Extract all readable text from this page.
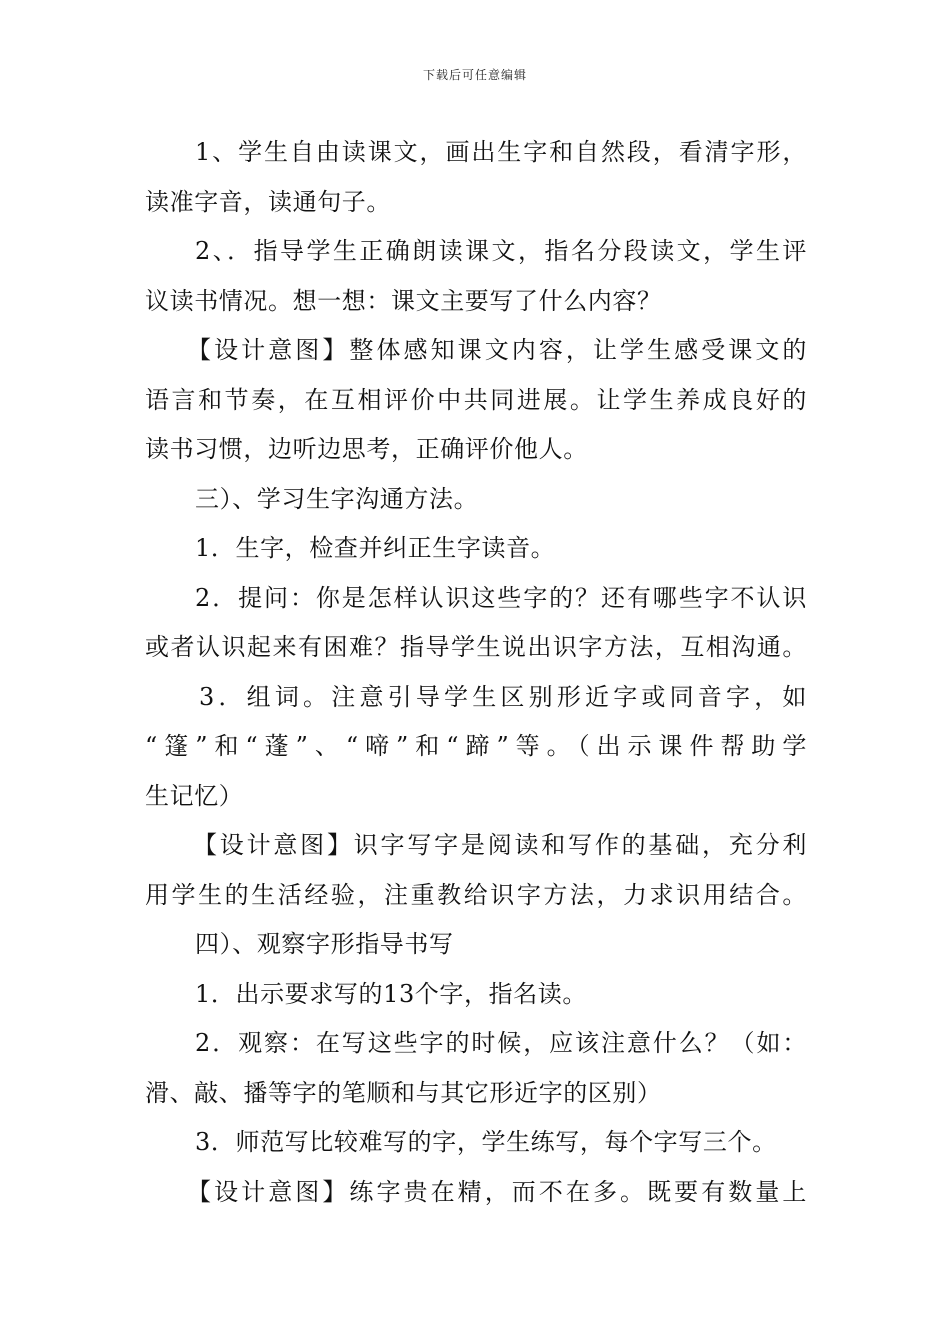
下载后可任意编辑
1、学生自由读课文，画出生字和自然段，看清字形，
读准字音，读通句子。
2、．指导学生正确朗读课文，指名分段读文，学生评
议读书情况。想一想：课文主要写了什么内容？
【设计意图】整体感知课文内容，让学生感受课文的
语言和节奏，在互相评价中共同进展。让学生养成良好的
读书习惯，边听边思考，正确评价他人。
三）、学习生字沟通方法。
1．生字，检查并纠正生字读音。
2．提问：你是怎样认识这些字的？还有哪些字不认识
或者认识起来有困难？指导学生说出识字方法，互相沟通。
3．组词。注意引导学生区别形近字或同音字，如
“篷”和“蓬”、“啼”和“蹄”等。（出示课件帮助学
生记忆）
【设计意图】识字写字是阅读和写作的基础，充分利
用学生的生活经验，注重教给识字方法，力求识用结合。
四）、观察字形指导书写
1．出示要求写的13个字，指名读。
2．观察：在写这些字的时候，应该注意什么？（如：
滑、敲、播等字的笔顺和与其它形近字的区别）
3．师范写比较难写的字，学生练写，每个字写三个。
【设计意图】练字贵在精，而不在多。既要有数量上
